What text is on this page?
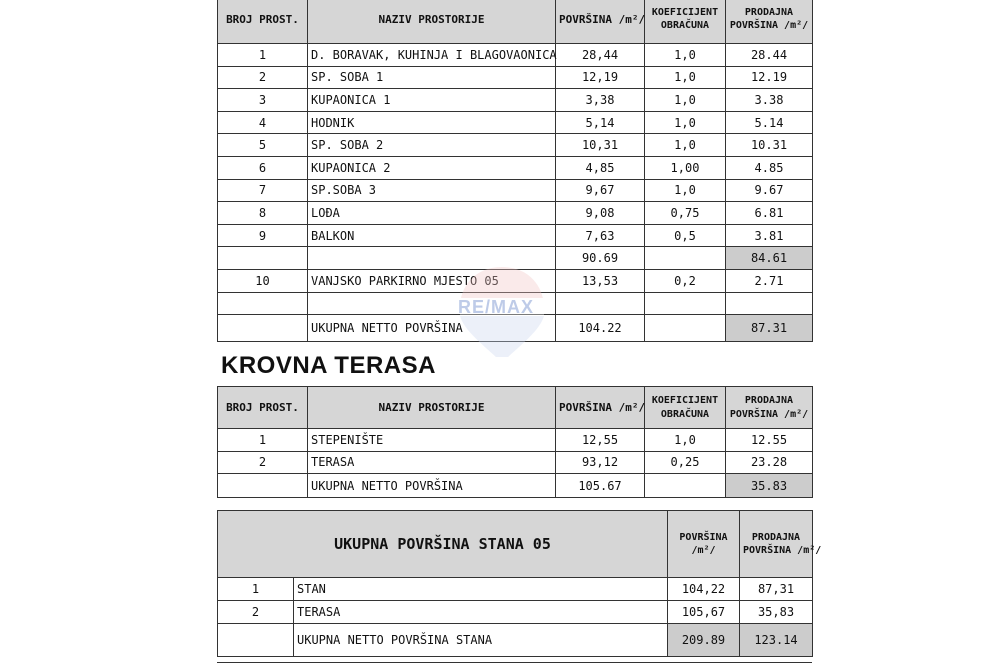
BROJ PROST.	NAZIV PROSTORIJE	POVRŠINA /m²/	KOEFICIJENT
OBRAČUNA	PRODAJNA
POVRŠINA /m²/
1	D. BORAVAK, KUHINJA I BLAGOVAONICA	28,44	1,0	28.44
2	SP. SOBA 1	12,19	1,0	12.19
3	KUPAONICA 1	3,38	1,0	3.38
4	HODNIK	5,14	1,0	5.14
5	SP. SOBA 2	10,31	1,0	10.31
6	KUPAONICA 2	4,85	1,00	4.85
7	SP.SOBA 3	9,67	1,0	9.67
8	LOĐA	9,08	0,75	6.81
9	BALKON	7,63	0,5	3.81
		90.69		84.61
10	VANJSKO PARKIRNO MJESTO 05	13,53	0,2	2.71

	UKUPNA NETTO POVRŠINA	104.22		87.31
KROVNA TERASA
BROJ PROST.	NAZIV PROSTORIJE	POVRŠINA /m²/	KOEFICIJENT
OBRAČUNA	PRODAJNA
POVRŠINA /m²/
1	STEPENIŠTE	12,55	1,0	12.55
2	TERASA	93,12	0,25	23.28
	UKUPNA NETTO POVRŠINA	105.67		35.83
UKUPNA POVRŠINA STANA 05		POVRŠINA
/m²/	PRODAJNA
POVRŠINA /m²/
1	STAN	104,22	87,31
2	TERASA	105,67	35,83
	UKUPNA NETTO POVRŠINA STANA	209.89	123.14
RE/MAX
